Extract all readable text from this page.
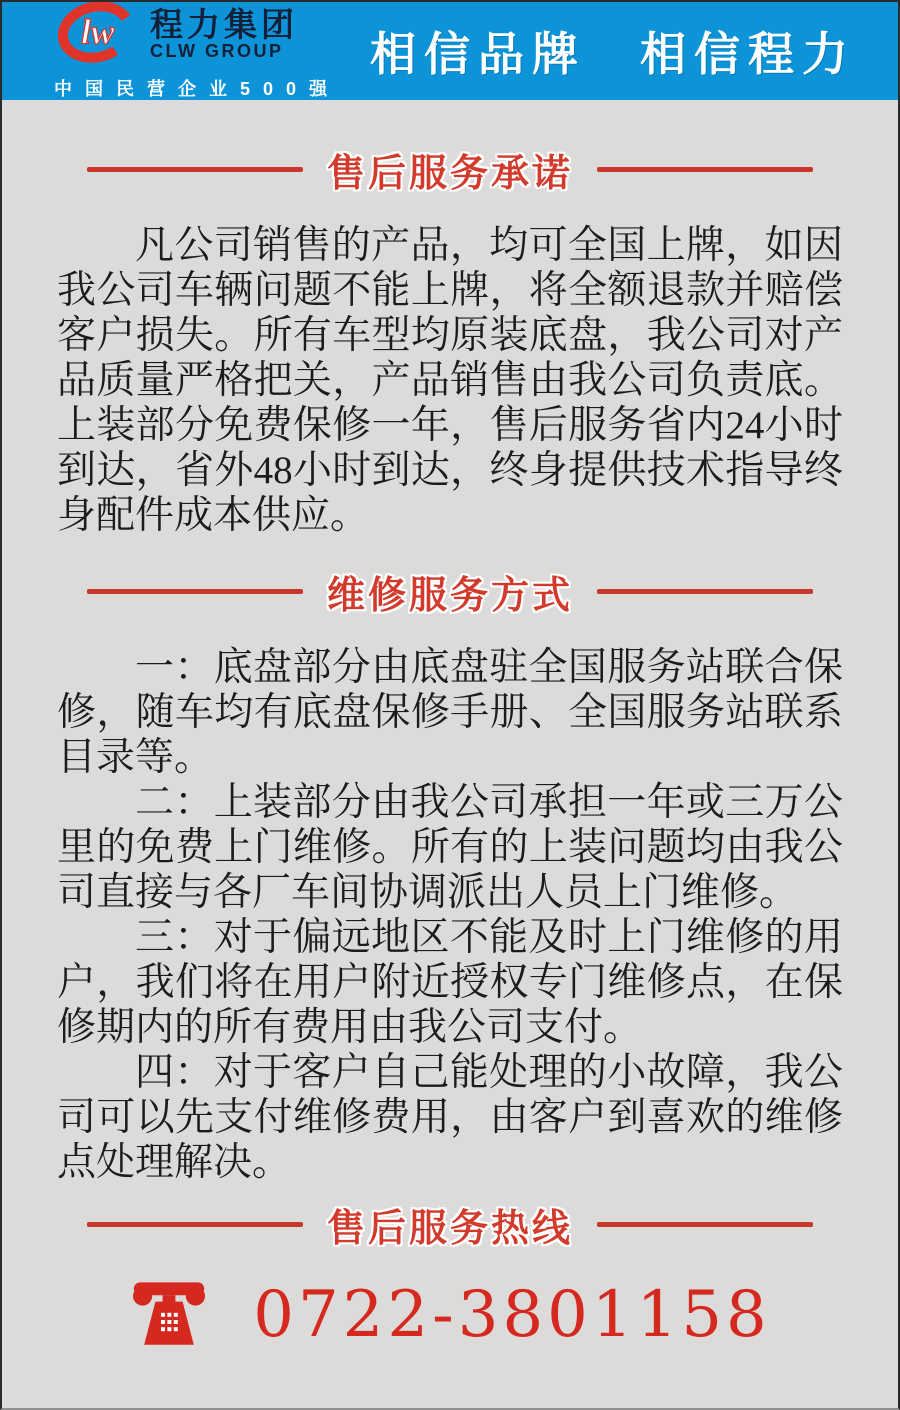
lw 程力集团
CLW GROUP
中国民营企业500强
相信品牌　相信程力
售后服务承诺

凡公司销售的产品，均可全国上牌，如因我公司车辆问题不能上牌，将全额退款并赔偿客户损失。所有车型均原装底盘，我公司对产品质量严格把关，产品销售由我公司负责底。上装部分免费保修一年，售后服务省内24小时到达，省外48小时到达，终身提供技术指导终身配件成本供应。

维修服务方式

一：底盘部分由底盘驻全国服务站联合保修，随车均有底盘保修手册、全国服务站联系目录等。

二：上装部分由我公司承担一年或三万公里的免费上门维修。所有的上装问题均由我公司直接与各厂车间协调派出人员上门维修。

三：对于偏远地区不能及时上门维修的用户，我们将在用户附近授权专门维修点，在保修期内的所有费用由我公司支付。

四：对于客户自己能处理的小故障，我公司可以先支付维修费用，由客户到喜欢的维修点处理解决。

售后服务热线
0722-3801158
